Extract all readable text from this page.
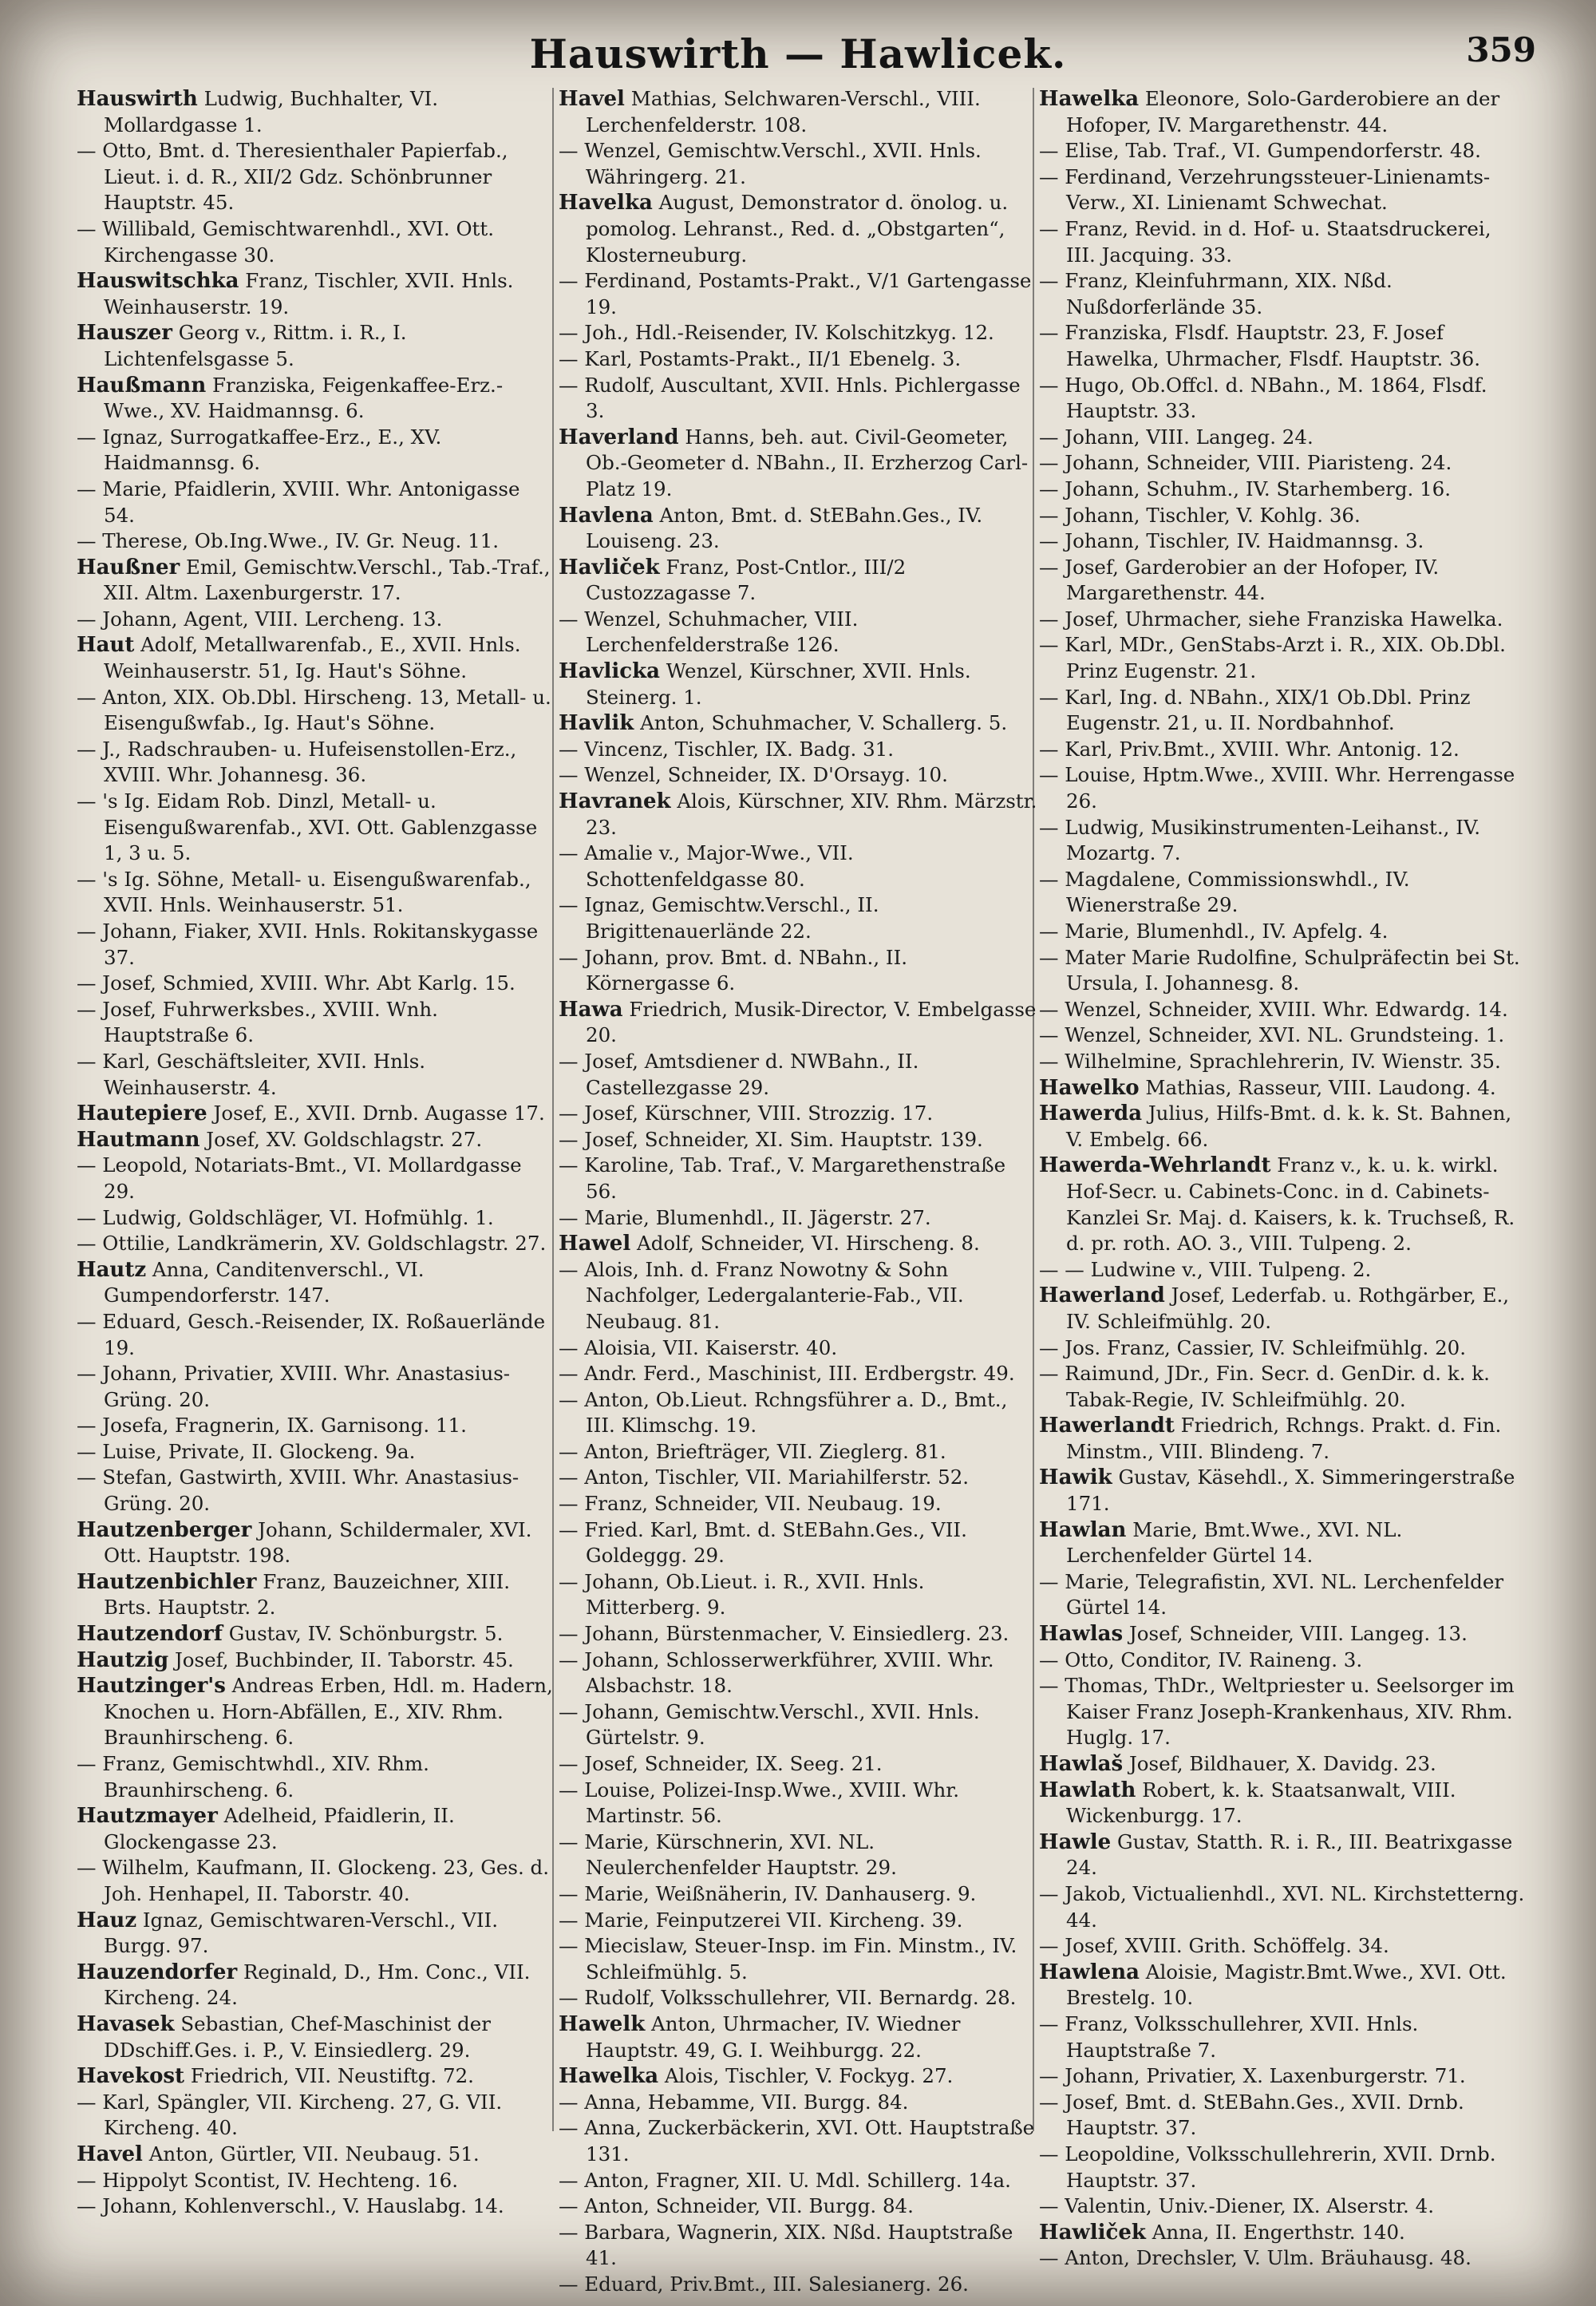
Hauswirth — Hawlicek.	359

Hauswirth Ludwig, Buchhalter, VI. Mollardgasse 1.

— Otto, Bmt. d. Theresienthaler Papierfab., Lieut. i. d. R., XII/2 Gdz. Schönbrunner Hauptstr. 45.

— Willibald, Gemischtwarenhdl., XVI. Ott. Kirchengasse 30.

Hauswitschka Franz, Tischler, XVII. Hnls. Weinhauserstr. 19.

Hauszer Georg v., Rittm. i. R., I. Lichtenfelsgasse 5.

Haußmann Franziska, Feigenkaffee-Erz.-Wwe., XV. Haidmannsg. 6.

— Ignaz, Surrogatkaffee-Erz., E., XV. Haidmannsg. 6.

— Marie, Pfaidlerin, XVIII. Whr. Antonigasse 54.

— Therese, Ob.Ing.Wwe., IV. Gr. Neug. 11.

Haußner Emil, Gemischtw.Verschl., Tab.-Traf., XII. Altm. Laxenburgerstr. 17.

— Johann, Agent, VIII. Lercheng. 13.

Haut Adolf, Metallwarenfab., E., XVII. Hnls. Weinhauserstr. 51, Ig. Haut's Söhne.

— Anton, XIX. Ob.Dbl. Hirscheng. 13, Metall- u. Eisengußwfab., Ig. Haut's Söhne.

— J., Radschrauben- u. Hufeisenstollen-Erz., XVIII. Whr. Johannesg. 36.

— 's Ig. Eidam Rob. Dinzl, Metall- u. Eisengußwarenfab., XVI. Ott. Gablenzgasse 1, 3 u. 5.

— 's Ig. Söhne, Metall- u. Eisengußwarenfab., XVII. Hnls. Weinhauserstr. 51.

— Johann, Fiaker, XVII. Hnls. Rokitanskygasse 37.

— Josef, Schmied, XVIII. Whr. Abt Karlg. 15.

— Josef, Fuhrwerksbes., XVIII. Wnh. Hauptstraße 6.

— Karl, Geschäftsleiter, XVII. Hnls. Weinhauserstr. 4.

Hautepiere Josef, E., XVII. Drnb. Augasse 17.

Hautmann Josef, XV. Goldschlagstr. 27.

— Leopold, Notariats-Bmt., VI. Mollardgasse 29.

— Ludwig, Goldschläger, VI. Hofmühlg. 1.

— Ottilie, Landkrämerin, XV. Goldschlagstr. 27.

Hautz Anna, Canditenverschl., VI. Gumpendorferstr. 147.

— Eduard, Gesch.-Reisender, IX. Roßauerlände 19.

— Johann, Privatier, XVIII. Whr. Anastasius-Grüng. 20.

— Josefa, Fragnerin, IX. Garnisong. 11.

— Luise, Private, II. Glockeng. 9a.

— Stefan, Gastwirth, XVIII. Whr. Anastasius-Grüng. 20.

Hautzenberger Johann, Schildermaler, XVI. Ott. Hauptstr. 198.

Hautzenbichler Franz, Bauzeichner, XIII. Brts. Hauptstr. 2.

Hautzendorf Gustav, IV. Schönburgstr. 5.

Hautzig Josef, Buchbinder, II. Taborstr. 45.

Hautzinger's Andreas Erben, Hdl. m. Hadern, Knochen u. Horn-Abfällen, E., XIV. Rhm. Braunhirscheng. 6.

— Franz, Gemischtwhdl., XIV. Rhm. Braunhirscheng. 6.

Hautzmayer Adelheid, Pfaidlerin, II. Glockengasse 23.

— Wilhelm, Kaufmann, II. Glockeng. 23, Ges. d. Joh. Henhapel, II. Taborstr. 40.

Hauz Ignaz, Gemischtwaren-Verschl., VII. Burgg. 97.

Hauzendorfer Reginald, D., Hm. Conc., VII. Kircheng. 24.

Havasek Sebastian, Chef-Maschinist der DDschiff.Ges. i. P., V. Einsiedlerg. 29.

Havekost Friedrich, VII. Neustiftg. 72.

— Karl, Spängler, VII. Kircheng. 27, G. VII. Kircheng. 40.

Havel Anton, Gürtler, VII. Neubaug. 51.

— Hippolyt Scontist, IV. Hechteng. 16.

— Johann, Kohlenverschl., V. Hauslabg. 14.

Havel Mathias, Selchwaren-Verschl., VIII. Lerchenfelderstr. 108.

— Wenzel, Gemischtw.Verschl., XVII. Hnls. Währingerg. 21.

Havelka August, Demonstrator d. önolog. u. pomolog. Lehranst., Red. d. „Obstgarten“, Klosterneuburg.

— Ferdinand, Postamts-Prakt., V/1 Gartengasse 19.

— Joh., Hdl.-Reisender, IV. Kolschitzkyg. 12.

— Karl, Postamts-Prakt., II/1 Ebenelg. 3.

— Rudolf, Auscultant, XVII. Hnls. Pichlergasse 3.

Haverland Hanns, beh. aut. Civil-Geometer, Ob.-Geometer d. NBahn., II. Erzherzog Carl-Platz 19.

Havlena Anton, Bmt. d. StEBahn.Ges., IV. Louiseng. 23.

Havliček Franz, Post-Cntlor., III/2 Custozzagasse 7.

— Wenzel, Schuhmacher, VIII. Lerchenfelderstraße 126.

Havlicka Wenzel, Kürschner, XVII. Hnls. Steinerg. 1.

Havlik Anton, Schuhmacher, V. Schallerg. 5.

— Vincenz, Tischler, IX. Badg. 31.

— Wenzel, Schneider, IX. D'Orsayg. 10.

Havranek Alois, Kürschner, XIV. Rhm. Märzstr. 23.

— Amalie v., Major-Wwe., VII. Schottenfeldgasse 80.

— Ignaz, Gemischtw.Verschl., II. Brigittenauerlände 22.

— Johann, prov. Bmt. d. NBahn., II. Körnergasse 6.

Hawa Friedrich, Musik-Director, V. Embelgasse 20.

— Josef, Amtsdiener d. NWBahn., II. Castellezgasse 29.

— Josef, Kürschner, VIII. Strozzig. 17.

— Josef, Schneider, XI. Sim. Hauptstr. 139.

— Karoline, Tab. Traf., V. Margarethenstraße 56.

— Marie, Blumenhdl., II. Jägerstr. 27.

Hawel Adolf, Schneider, VI. Hirscheng. 8.

— Alois, Inh. d. Franz Nowotny & Sohn Nachfolger, Ledergalanterie-Fab., VII. Neubaug. 81.

— Aloisia, VII. Kaiserstr. 40.

— Andr. Ferd., Maschinist, III. Erdbergstr. 49.

— Anton, Ob.Lieut. Rchngsführer a. D., Bmt., III. Klimschg. 19.

— Anton, Briefträger, VII. Zieglerg. 81.

— Anton, Tischler, VII. Mariahilferstr. 52.

— Franz, Schneider, VII. Neubaug. 19.

— Fried. Karl, Bmt. d. StEBahn.Ges., VII. Goldeggg. 29.

— Johann, Ob.Lieut. i. R., XVII. Hnls. Mitterberg. 9.

— Johann, Bürstenmacher, V. Einsiedlerg. 23.

— Johann, Schlosserwerkführer, XVIII. Whr. Alsbachstr. 18.

— Johann, Gemischtw.Verschl., XVII. Hnls. Gürtelstr. 9.

— Josef, Schneider, IX. Seeg. 21.

— Louise, Polizei-Insp.Wwe., XVIII. Whr. Martinstr. 56.

— Marie, Kürschnerin, XVI. NL. Neulerchenfelder Hauptstr. 29.

— Marie, Weißnäherin, IV. Danhauserg. 9.

— Marie, Feinputzerei VII. Kircheng. 39.

— Miecislaw, Steuer-Insp. im Fin. Minstm., IV. Schleifmühlg. 5.

— Rudolf, Volksschullehrer, VII. Bernardg. 28.

Hawelk Anton, Uhrmacher, IV. Wiedner Hauptstr. 49, G. I. Weihburgg. 22.

Hawelka Alois, Tischler, V. Fockyg. 27.

— Anna, Hebamme, VII. Burgg. 84.

— Anna, Zuckerbäckerin, XVI. Ott. Hauptstraße 131.

— Anton, Fragner, XII. U. Mdl. Schillerg. 14a.

— Anton, Schneider, VII. Burgg. 84.

— Barbara, Wagnerin, XIX. Nßd. Hauptstraße 41.

— Eduard, Priv.Bmt., III. Salesianerg. 26.

Hawelka Eleonore, Solo-Garderobiere an der Hofoper, IV. Margarethenstr. 44.

— Elise, Tab. Traf., VI. Gumpendorferstr. 48.

— Ferdinand, Verzehrungssteuer-Linienamts-Verw., XI. Linienamt Schwechat.

— Franz, Revid. in d. Hof- u. Staatsdruckerei, III. Jacquing. 33.

— Franz, Kleinfuhrmann, XIX. Nßd. Nußdorferlände 35.

— Franziska, Flsdf. Hauptstr. 23, F. Josef Hawelka, Uhrmacher, Flsdf. Hauptstr. 36.

— Hugo, Ob.Offcl. d. NBahn., M. 1864, Flsdf. Hauptstr. 33.

— Johann, VIII. Langeg. 24.

— Johann, Schneider, VIII. Piaristeng. 24.

— Johann, Schuhm., IV. Starhemberg. 16.

— Johann, Tischler, V. Kohlg. 36.

— Johann, Tischler, IV. Haidmannsg. 3.

— Josef, Garderobier an der Hofoper, IV. Margarethenstr. 44.

— Josef, Uhrmacher, siehe Franziska Hawelka.

— Karl, MDr., GenStabs-Arzt i. R., XIX. Ob.Dbl. Prinz Eugenstr. 21.

— Karl, Ing. d. NBahn., XIX/1 Ob.Dbl. Prinz Eugenstr. 21, u. II. Nordbahnhof.

— Karl, Priv.Bmt., XVIII. Whr. Antonig. 12.

— Louise, Hptm.Wwe., XVIII. Whr. Herrengasse 26.

— Ludwig, Musikinstrumenten-Leihanst., IV. Mozartg. 7.

— Magdalene, Commissionswhdl., IV. Wienerstraße 29.

— Marie, Blumenhdl., IV. Apfelg. 4.

— Mater Marie Rudolfine, Schulpräfectin bei St. Ursula, I. Johannesg. 8.

— Wenzel, Schneider, XVIII. Whr. Edwardg. 14.

— Wenzel, Schneider, XVI. NL. Grundsteing. 1.

— Wilhelmine, Sprachlehrerin, IV. Wienstr. 35.

Hawelko Mathias, Rasseur, VIII. Laudong. 4.

Hawerda Julius, Hilfs-Bmt. d. k. k. St. Bahnen, V. Embelg. 66.

Hawerda-Wehrlandt Franz v., k. u. k. wirkl. Hof-Secr. u. Cabinets-Conc. in d. Cabinets-Kanzlei Sr. Maj. d. Kaisers, k. k. Truchseß, R. d. pr. roth. AO. 3., VIII. Tulpeng. 2.

— — Ludwine v., VIII. Tulpeng. 2.

Hawerland Josef, Lederfab. u. Rothgärber, E., IV. Schleifmühlg. 20.

— Jos. Franz, Cassier, IV. Schleifmühlg. 20.

— Raimund, JDr., Fin. Secr. d. GenDir. d. k. k. Tabak-Regie, IV. Schleifmühlg. 20.

Hawerlandt Friedrich, Rchngs. Prakt. d. Fin. Minstm., VIII. Blindeng. 7.

Hawik Gustav, Käsehdl., X. Simmeringerstraße 171.

Hawlan Marie, Bmt.Wwe., XVI. NL. Lerchenfelder Gürtel 14.

— Marie, Telegrafistin, XVI. NL. Lerchenfelder Gürtel 14.

Hawlas Josef, Schneider, VIII. Langeg. 13.

— Otto, Conditor, IV. Raineng. 3.

— Thomas, ThDr., Weltpriester u. Seelsorger im Kaiser Franz Joseph-Krankenhaus, XIV. Rhm. Huglg. 17.

Hawlaš Josef, Bildhauer, X. Davidg. 23.

Hawlath Robert, k. k. Staatsanwalt, VIII. Wickenburgg. 17.

Hawle Gustav, Statth. R. i. R., III. Beatrixgasse 24.

— Jakob, Victualienhdl., XVI. NL. Kirchstetterng. 44.

— Josef, XVIII. Grith. Schöffelg. 34.

Hawlena Aloisie, Magistr.Bmt.Wwe., XVI. Ott. Brestelg. 10.

— Franz, Volksschullehrer, XVII. Hnls. Hauptstraße 7.

— Johann, Privatier, X. Laxenburgerstr. 71.

— Josef, Bmt. d. StEBahn.Ges., XVII. Drnb. Hauptstr. 37.

— Leopoldine, Volksschullehrerin, XVII. Drnb. Hauptstr. 37.

— Valentin, Univ.-Diener, IX. Alserstr. 4.

Hawliček Anna, II. Engerthstr. 140.

— Anton, Drechsler, V. Ulm. Bräuhausg. 48.
